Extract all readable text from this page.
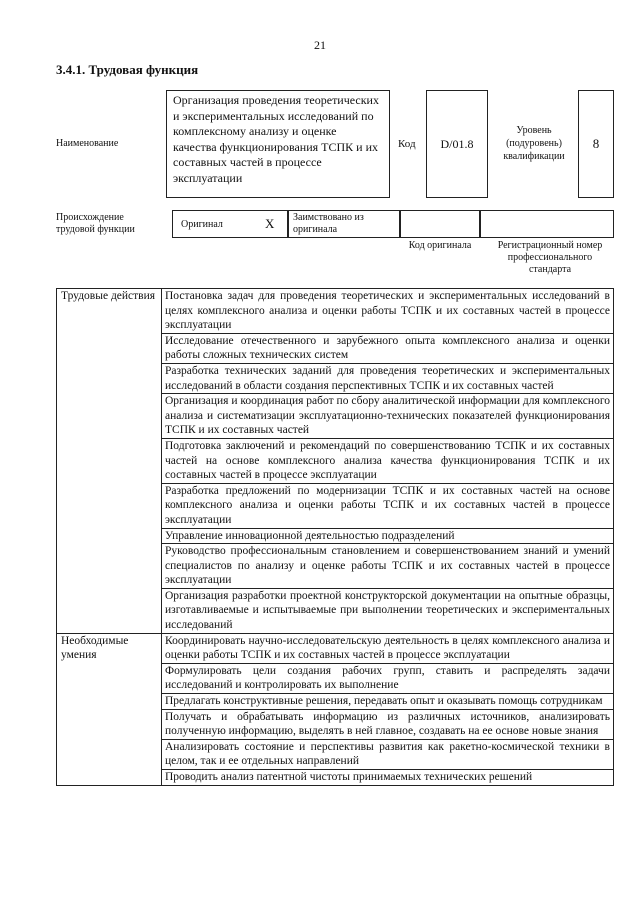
21
3.4.1. Трудовая функция
Наименование
Организация проведения теоретических и экспериментальных исследований по комплексному анализу и оценке качества функционирования ТСПК и их составных частей в процессе эксплуатации
Код	D/01.8
Уровень (подуровень) квалификации
8
Происхождение трудовой функции	Оригинал	X	Заимствовано из оригинала
Код оригинала	Регистрационный номер профессионального стандарта
Трудовые действия	Постановка задач для проведения теоретических и экспериментальных исследований в целях комплексного анализа и оценки работы ТСПК и их составных частей в процессе эксплуатации
	Исследование отечественного и зарубежного опыта комплексного анализа и оценки работы сложных технических систем
	Разработка технических заданий для проведения теоретических и экспериментальных исследований в области создания перспективных ТСПК и их составных частей
	Организация и координация работ по сбору аналитической информации для комплексного анализа и систематизации эксплуатационно-технических показателей функционирования ТСПК и их составных частей
	Подготовка заключений и рекомендаций по совершенствованию ТСПК и их составных частей на основе комплексного анализа качества функционирования ТСПК и их составных частей в процессе эксплуатации
	Разработка предложений по модернизации ТСПК и их составных частей на основе комплексного анализа и оценки работы ТСПК и их составных частей в процессе эксплуатации
	Управление инновационной деятельностью подразделений
	Руководство профессиональным становлением и совершенствованием знаний и умений специалистов по анализу и оценке работы ТСПК и их составных частей в процессе эксплуатации
	Организация разработки проектной конструкторской документации на опытные образцы, изготавливаемые и испытываемые при выполнении теоретических и экспериментальных исследований
Необходимые умения	Координировать научно-исследовательскую деятельность в целях комплексного анализа и оценки работы ТСПК и их составных частей в процессе эксплуатации
	Формулировать цели создания рабочих групп, ставить и распределять задачи исследований и контролировать их выполнение
	Предлагать конструктивные решения, передавать опыт и оказывать помощь сотрудникам
	Получать и обрабатывать информацию из различных источников, анализировать полученную информацию, выделять в ней главное, создавать на ее основе новые знания
	Анализировать состояние и перспективы развития как ракетно-космической техники в целом, так и ее отдельных направлений
	Проводить анализ патентной чистоты принимаемых технических решений
